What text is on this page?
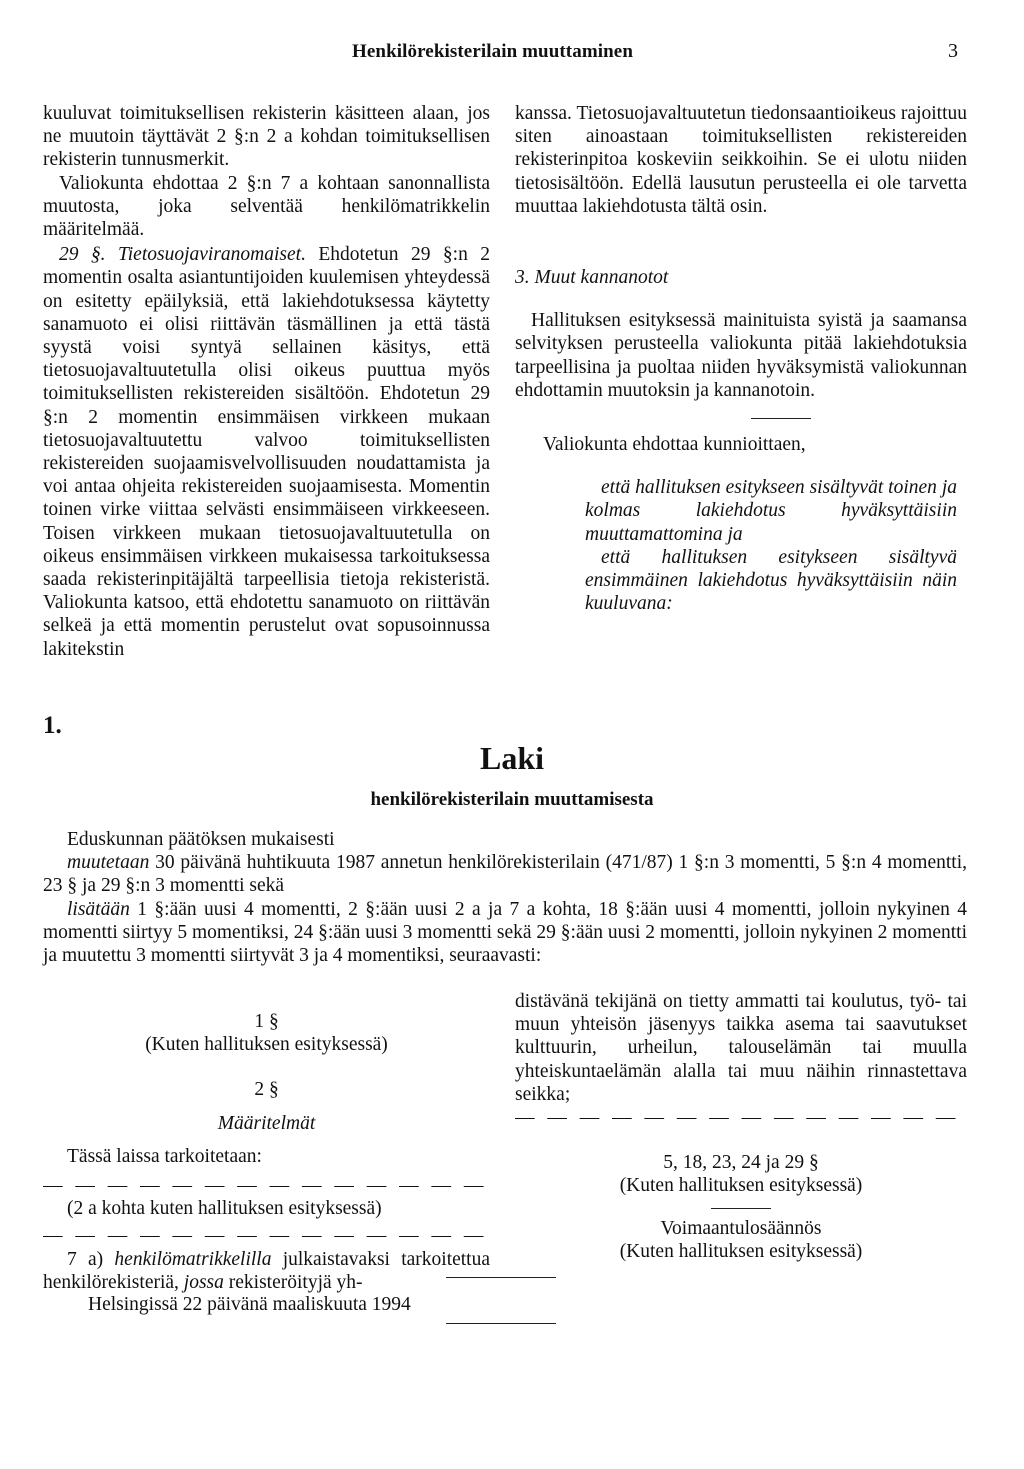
Henkilörekisterilain muuttaminen	3

kuuluvat toimituksellisen rekisterin käsitteen alaan, jos ne muutoin täyttävät 2 §:n 2 a kohdan toimituksellisen rekisterin tunnusmerkit.

Valiokunta ehdottaa 2 §:n 7 a kohtaan sanonnallista muutosta, joka selventää henkilömatrikkelin määritelmää.

29 §. Tietosuojaviranomaiset. Ehdotetun 29 §:n 2 momentin osalta asiantuntijoiden kuulemisen yhteydessä on esitetty epäilyksiä, että lakiehdotuksessa käytetty sanamuoto ei olisi riittävän täsmällinen ja että tästä syystä voisi syntyä sellainen käsitys, että tietosuojavaltuutetulla olisi oikeus puuttua myös toimituksellisten rekistereiden sisältöön. Ehdotetun 29 §:n 2 momentin ensimmäisen virkkeen mukaan tietosuojavaltuutettu valvoo toimituksellisten rekistereiden suojaamisvelvollisuuden noudattamista ja voi antaa ohjeita rekistereiden suojaamisesta. Momentin toinen virke viittaa selvästi ensimmäiseen virkkeeseen. Toisen virkkeen mukaan tietosuojavaltuutetulla on oikeus ensimmäisen virkkeen mukaisessa tarkoituksessa saada rekisterinpitäjältä tarpeellisia tietoja rekisteristä. Valiokunta katsoo, että ehdotettu sanamuoto on riittävän selkeä ja että momentin perustelut ovat sopusoinnussa lakitekstin

kanssa. Tietosuojavaltuutetun tiedonsaantioikeus rajoittuu siten ainoastaan toimituksellisten rekistereiden rekisterinpitoa koskeviin seikkoihin. Se ei ulotu niiden tietosisältöön. Edellä lausutun perusteella ei ole tarvetta muuttaa lakiehdotusta tältä osin.

3. Muut kannanotot

Hallituksen esityksessä mainituista syistä ja saamansa selvityksen perusteella valiokunta pitää lakiehdotuksia tarpeellisina ja puoltaa niiden hyväksymistä valiokunnan ehdottamin muutoksin ja kannanotoin.

Valiokunta ehdottaa kunnioittaen,

että hallituksen esitykseen sisältyvät toinen ja kolmas lakiehdotus hyväksyttäisiin muuttamattomina ja

että hallituksen esitykseen sisältyvä ensimmäinen lakiehdotus hyväksyttäisiin näin kuuluvana:

1.
Laki
henkilörekisterilain muuttamisesta

Eduskunnan päätöksen mukaisesti

muutetaan 30 päivänä huhtikuuta 1987 annetun henkilörekisterilain (471/87) 1 §:n 3 momentti, 5 §:n 4 momentti, 23 § ja 29 §:n 3 momentti sekä

lisätään 1 §:ään uusi 4 momentti, 2 §:ään uusi 2 a ja 7 a kohta, 18 §:ään uusi 4 momentti, jolloin nykyinen 4 momentti siirtyy 5 momentiksi, 24 §:ään uusi 3 momentti sekä 29 §:ään uusi 2 momentti, jolloin nykyinen 2 momentti ja muutettu 3 momentti siirtyvät 3 ja 4 momentiksi, seuraavasti:

1 §

(Kuten hallituksen esityksessä)

2 §

Määritelmät

Tässä laissa tarkoitetaan:

— — — — — — — — — — — — — —

(2 a kohta kuten hallituksen esityksessä)

— — — — — — — — — — — — — —

7 a) henkilömatrikkelilla julkaistavaksi tarkoitettua henkilörekisteriä, jossa rekisteröityjä yh-

distävänä tekijänä on tietty ammatti tai koulutus, työ- tai muun yhteisön jäsenyys taikka asema tai saavutukset kulttuurin, urheilun, talouselämän tai muulla yhteiskuntaelämän alalla tai muu näihin rinnastettava seikka;

— — — — — — — — — — — — — —

5, 18, 23, 24 ja 29 §

(Kuten hallituksen esityksessä)

Voimaantulosäännös

(Kuten hallituksen esityksessä)

Helsingissä 22 päivänä maaliskuuta 1994
